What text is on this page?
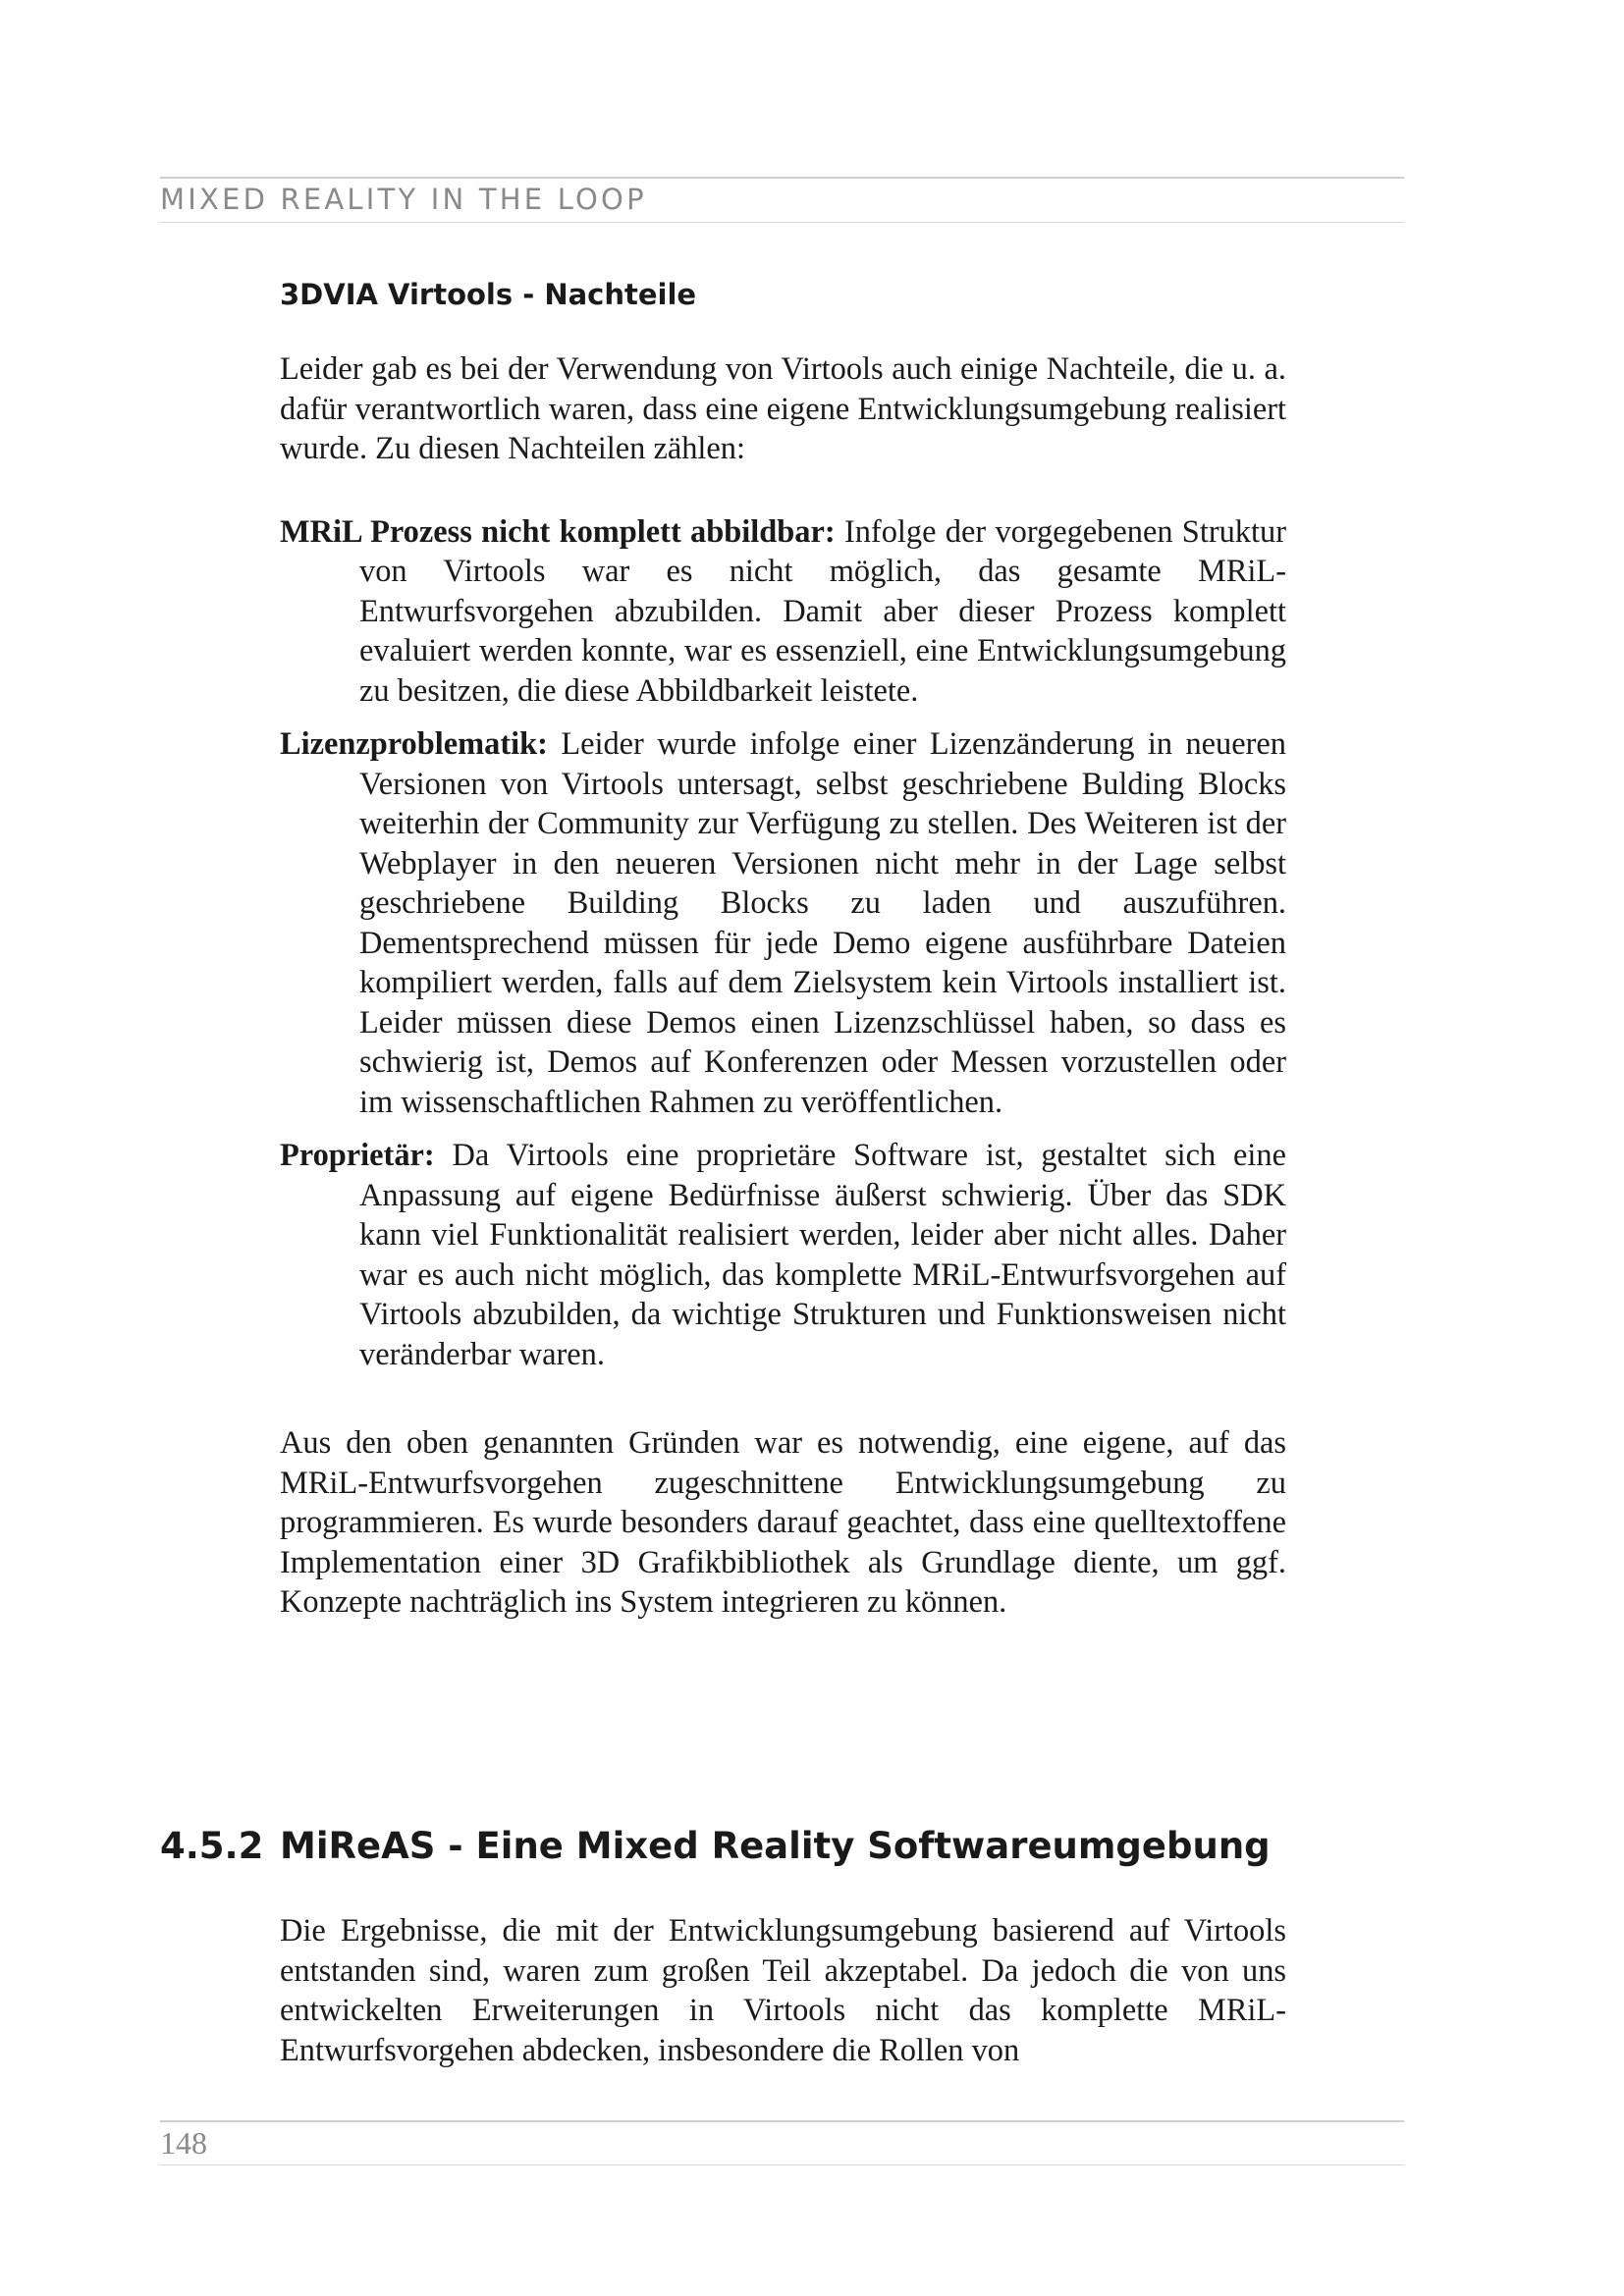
MIXED REALITY IN THE LOOP
3DVIA Virtools - Nachteile

Leider gab es bei der Verwendung von Virtools auch einige Nachteile, die u. a. dafür verantwortlich waren, dass eine eigene Entwicklungsumgebung realisiert wurde. Zu diesen Nachteilen zählen:

MRiL Prozess nicht komplett abbildbar: Infolge der vorgegebenen Struktur von Virtools war es nicht möglich, das gesamte MRiL-Entwurfsvorgehen abzubilden. Damit aber dieser Prozess komplett evaluiert werden konnte, war es essenziell, eine Entwicklungsumgebung zu besitzen, die diese Abbildbarkeit leistete.
Lizenzproblematik: Leider wurde infolge einer Lizenzänderung in neueren Versionen von Virtools untersagt, selbst geschriebene Bulding Blocks weiterhin der Community zur Verfügung zu stellen. Des Weiteren ist der Webplayer in den neueren Versionen nicht mehr in der Lage selbst geschriebene Building Blocks zu laden und auszuführen. Dementsprechend müssen für jede Demo eigene ausführbare Dateien kompiliert werden, falls auf dem Zielsystem kein Virtools installiert ist. Leider müssen diese Demos einen Lizenzschlüssel haben, so dass es schwierig ist, Demos auf Konferenzen oder Messen vorzustellen oder im wissenschaftlichen Rahmen zu veröffentlichen.
Proprietär: Da Virtools eine proprietäre Software ist, gestaltet sich eine Anpassung auf eigene Bedürfnisse äußerst schwierig. Über das SDK kann viel Funktionalität realisiert werden, leider aber nicht alles. Daher war es auch nicht möglich, das komplette MRiL-Entwurfsvorgehen auf Virtools abzubilden, da wichtige Strukturen und Funktionsweisen nicht veränderbar waren.

Aus den oben genannten Gründen war es notwendig, eine eigene, auf das MRiL-Entwurfsvorgehen zugeschnittene Entwicklungsumgebung zu programmieren. Es wurde besonders darauf geachtet, dass eine quelltextoffene Implementation einer 3D Grafikbibliothek als Grundlage diente, um ggf. Konzepte nachträglich ins System integrieren zu können.

4.5.2 MiReAS - Eine Mixed Reality Softwareumgebung

Die Ergebnisse, die mit der Entwicklungsumgebung basierend auf Virtools entstanden sind, waren zum großen Teil akzeptabel. Da jedoch die von uns entwickelten Erweiterungen in Virtools nicht das komplette MRiL-Entwurfsvorgehen abdecken, insbesondere die Rollen von

148
